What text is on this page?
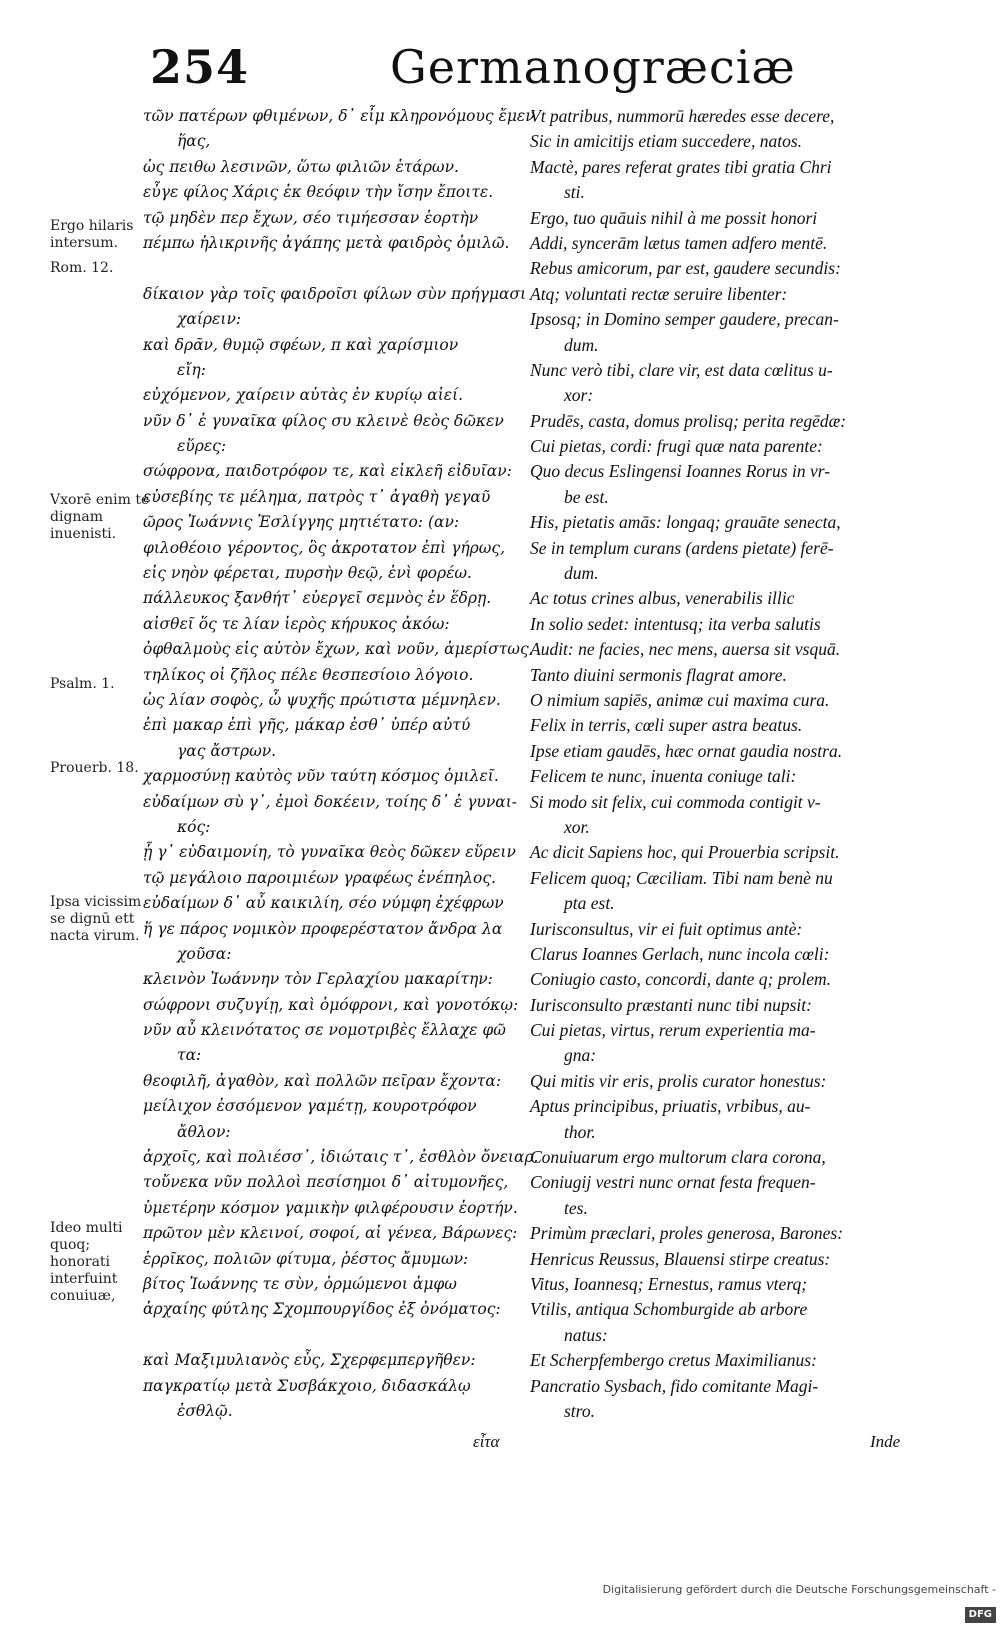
254	Germanogræciæ
Ergo hilaris intersum.
Rom. 12.
Vxorē enim te dignam inuenisti.
Psalm. 1.
Prouerb. 18.
Ipsa vicissim se dignū ett nacta virum.
Ideo multi quoq; honorati interfuint conuiuæ,
τῶν πατέρων φθιμένων, δ᾽ εἶμ κληρονόμους ἔμεν
ἥας,
ὡς πειθω λεσινῶν, ὥτω φιλιῶν ἑτάρων.
εὖγε φίλος Χάρις ἐκ θεόφιν τὴν ἴσην ἔποιτε.
τῷ μηδὲν περ ἔχων, σέο τιμήεσσαν ἑορτὴν
πέμπω ἡλικρινῆς ἀγάπης μετὰ φαιδρὸς ὁμιλῶ.
δίκαιον γὰρ τοῖς φαιδροῖσι φίλων σὺν πρήγμασι
χαίρειν:
καὶ δρᾶν, θυμῷ σφέων, π καὶ χαρίσμιον
εἴη:
εὐχόμενον, χαίρειν αὐτὰς ἐν κυρίῳ αἰεί.
νῦν δ᾽ ἐ γυναῖκα φίλος συ κλεινὲ θεὸς δῶκεν
εὕρες:
σώφρονα, παιδοτρόφον τε, καὶ εἰκλεῆ εἰδυῖαν:
εὐσεβίης τε μέλημα, πατρὸς τ᾽ ἀγαθὴ γεγαῦ
ῶρος Ἰωάννις Ἐσλίγγης μητιέτατο: (αν:
φιλοθέοιο γέροντος, ὃς ἀκροτατον ἐπὶ γήρως,
εἰς νηὸν φέρεται, πυρσὴν θεῷ, ἐνὶ φορέω.
πάλλευκος ξανθήτ᾽ εὐεργεῖ σεμνὸς ἐν ἕδρῃ.
αἰσθεῖ ὅς τε λίαν ἱερὸς κήρυκος ἀκόω:
ὀφθαλμοὺς εἰς αὐτὸν ἔχων, καὶ νοῦν, ἀμερίστως.
τηλίκος οἱ ζῆλος πέλε θεσπεσίοιο λόγοιο.
ὡς λίαν σοφὸς, ὦ ψυχῆς πρώτιστα μέμνηλεν.
ἐπὶ μακαρ ἐπὶ γῆς, μάκαρ ἐσθ᾽ ὑπέρ αὐτύ
γας ἄστρων.
χαρμοσύνῃ καὐτὸς νῦν ταύτη κόσμος ὁμιλεῖ.
εὐδαίμων σὺ γ᾽, ἐμοὶ δοκέειν, τοίης δ᾽ ἐ γυναι-
κός:
ᾗ γ᾽ εὐδαιμονίη, τὸ γυναῖκα θεὸς δῶκεν εὕρειν
τῷ μεγάλοιο παροιμιέων γραφέως ἐνέπηλος.
εὐδαίμων δ᾽ αὖ καικιλίη, σέο νύμφη ἐχέφρων
ἥ γε πάρος νομικὸν προφερέστατον ἄνδρα λα
χοῦσα:
κλεινὸν Ἰωάννην τὸν Γερλαχίου μακαρίτην:
σώφρονι συζυγίῃ, καὶ ὁμόφρονι, καὶ γονοτόκῳ:
νῦν αὖ κλεινότατος σε νομοτριβὲς ἔλλαχε φῶ
τα:
θεοφιλῆ, ἀγαθὸν, καὶ πολλῶν πεῖραν ἔχοντα:
μείλιχον ἐσσόμενον γαμέτῃ, κουροτρόφον
ἄθλον:
ἀρχοῖς, καὶ πολιέσσ᾽, ἰδιώταις τ᾽, ἐσθλὸν ὄνειαρ.
τοὔνεκα νῦν πολλοὶ πεσίσημοι δ᾽ αἰτυμονῆες,
ὑμετέρην κόσμον γαμικὴν φιλφέρουσιν ἑορτήν.
πρῶτον μὲν κλεινοί, σοφοί, αἰ γένεα, Βάρωνες:
ἑρρῖκος, πολιῶν φίτυμα, ῥέστος ἄμυμων:
βίτος Ἰωάννης τε σὺν, ὁρμώμενοι ἀμφω
ἀρχαίης φύτλης Σχομπουργίδος ἐξ ὀνόματος:
καὶ Μαξιμυλιανὸς εὖς, Σχερφεμπεργῆθεν:
παγκρατίῳ μετὰ Συσβάκχοιο, διδασκάλῳ
ἐσθλῷ.
Vt patribus, nummorū hæredes esse decere,
Sic in amicitijs etiam succedere, natos.
Mactè, pares referat grates tibi gratia Chri
sti.
Ergo, tuo quāuis nihil à me possit honori
Addi, syncerām lætus tamen adfero mentē.
Rebus amicorum, par est, gaudere secundis:
Atq; voluntati rectæ seruire libenter:
Ipsosq; in Domino semper gaudere, precan-
dum.
Nunc verò tibi, clare vir, est data cœlitus u-
xor:
Prudēs, casta, domus prolisq; perita regēdæ:
Cui pietas, cordi: frugi quæ nata parente:
Quo decus Eslingensi Ioannes Rorus in vr-
be est.
His, pietatis amās: longaq; grauāte senecta,
Se in templum curans (ardens pietate) ferē-
dum.
Ac totus crines albus, venerabilis illic
In solio sedet: intentusq; ita verba salutis
Audit: ne facies, nec mens, auersa sit vsquā.
Tanto diuini sermonis flagrat amore.
O nimium sapiēs, animæ cui maxima cura.
Felix in terris, cœli super astra beatus.
Ipse etiam gaudēs, hæc ornat gaudia nostra.
Felicem te nunc, inuenta coniuge tali:
Si modo sit felix, cui commoda contigit v-
xor.
Ac dicit Sapiens hoc, qui Prouerbia scripsit.
Felicem quoq; Cæciliam. Tibi nam benè nu
pta est.
Iurisconsultus, vir ei fuit optimus antè:
Clarus Ioannes Gerlach, nunc incola cœli:
Coniugio casto, concordi, dante q; prolem.
Iurisconsulto præstanti nunc tibi nupsit:
Cui pietas, virtus, rerum experientia ma-
gna:
Qui mitis vir eris, prolis curator honestus:
Aptus principibus, priuatis, vrbibus, au-
thor.
Conuiuarum ergo multorum clara corona,
Coniugij vestri nunc ornat festa frequen-
tes.
Primùm præclari, proles generosa, Barones:
Henricus Reussus, Blauensi stirpe creatus:
Vitus, Ioannesq; Ernestus, ramus vterq;
Vtilis, antiqua Schomburgide ab arbore
natus:
Et Scherpfembergo cretus Maximilianus:
Pancratio Sysbach, fido comitante Magi-
stro.
εἶτα	Inde
Digitalisierung gefördert durch die Deutsche Forschungsgemeinschaft -DFG
